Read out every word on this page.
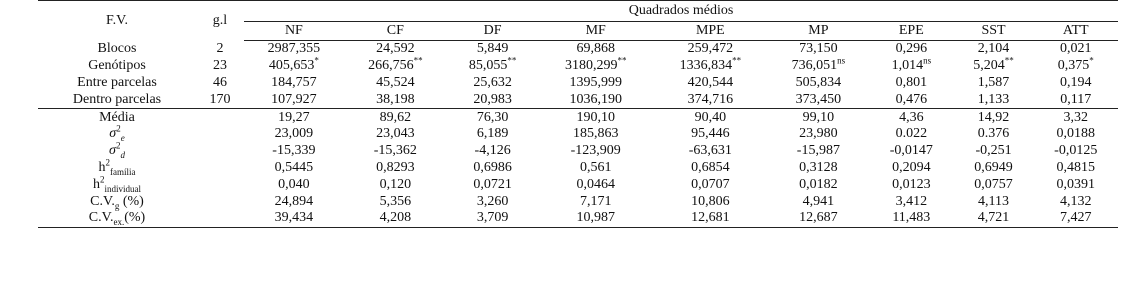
F.V.	g.l	Quadrados médios								
		NF	CF	DF	MF	MPE	MP	EPE	SST	ATT
Blocos	2	2987,355	24,592	5,849	69,868	259,472	73,150	0,296	2,104	0,021
Genótipos	23	405,653*	266,756**	85,055**	3180,299**	1336,834**	$736,051^{ns}$	$1,014^{ns}$	5,204**	0,375*
Entre parcelas	46	184,757	45,524	25,632	1395,999	420,544	505,834	0,801	1,587	0,194
Dentro parcelas	170	107,927	38,198	20,983	1036,190	374,716	373,450	0,476	1,133	0,117
Média		19,27	89,62	76,30	190,10	90,40	99,10	4,36	14,92	3,32
$\sigma^2_e$		23,009	23,043	6,189	185,863	95,446	23,980	0.022	0.376	0,0188
$\sigma^2_d$		-15,339	-15,362	-4,126	-123,909	-63,631	-15,987	-0,0147	-0,251	-0,0125
$h^2_{família}$		0,5445	0,8293	0,6986	0,561	0,6854	0,3128	0,2094	0,6949	0,4815
$h^2_{individual}$		0,040	0,120	0,0721	0,0464	0,0707	0,0182	0,0123	0,0757	0,0391
$C.V._g$ (%)		24,894	5,356	3,260	7,171	10,806	4,941	3,412	4,113	4,132
$C.V._{ex.}(\%)$		39,434	4,208	3,709	10,987	12,681	12,687	11,483	4,721	7,427
